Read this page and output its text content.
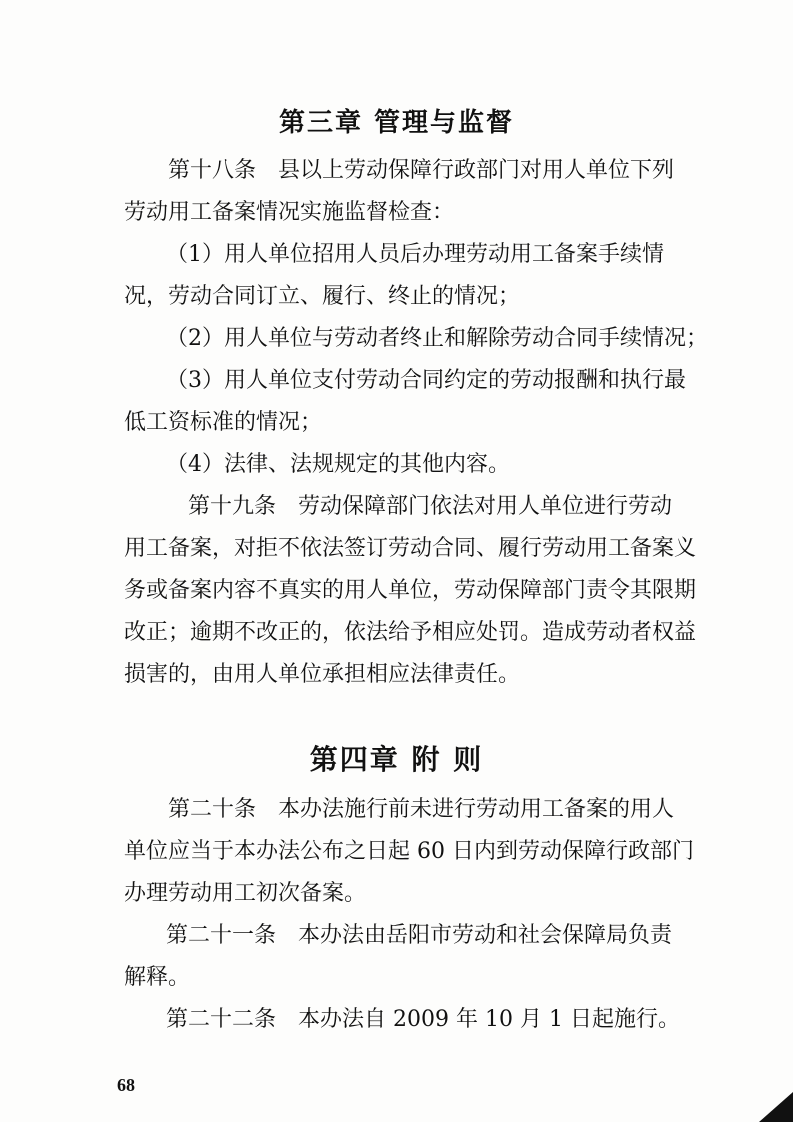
第三章 管理与监督
第十八条 县以上劳动保障行政部门对用人单位下列
劳动用工备案情况实施监督检查：
（1）用人单位招用人员后办理劳动用工备案手续情
况，劳动合同订立、履行、终止的情况；
（2）用人单位与劳动者终止和解除劳动合同手续情况；
（3）用人单位支付劳动合同约定的劳动报酬和执行最
低工资标准的情况；
（4）法律、法规规定的其他内容。
第十九条 劳动保障部门依法对用人单位进行劳动
用工备案，对拒不依法签订劳动合同、履行劳动用工备案义
务或备案内容不真实的用人单位，劳动保障部门责令其限期
改正；逾期不改正的，依法给予相应处罚。造成劳动者权益
损害的，由用人单位承担相应法律责任。
第四章 附 则
第二十条 本办法施行前未进行劳动用工备案的用人
单位应当于本办法公布之日起 60 日内到劳动保障行政部门
办理劳动用工初次备案。
第二十一条 本办法由岳阳市劳动和社会保障局负责
解释。
第二十二条 本办法自 2009 年 10 月 1 日起施行。
68
